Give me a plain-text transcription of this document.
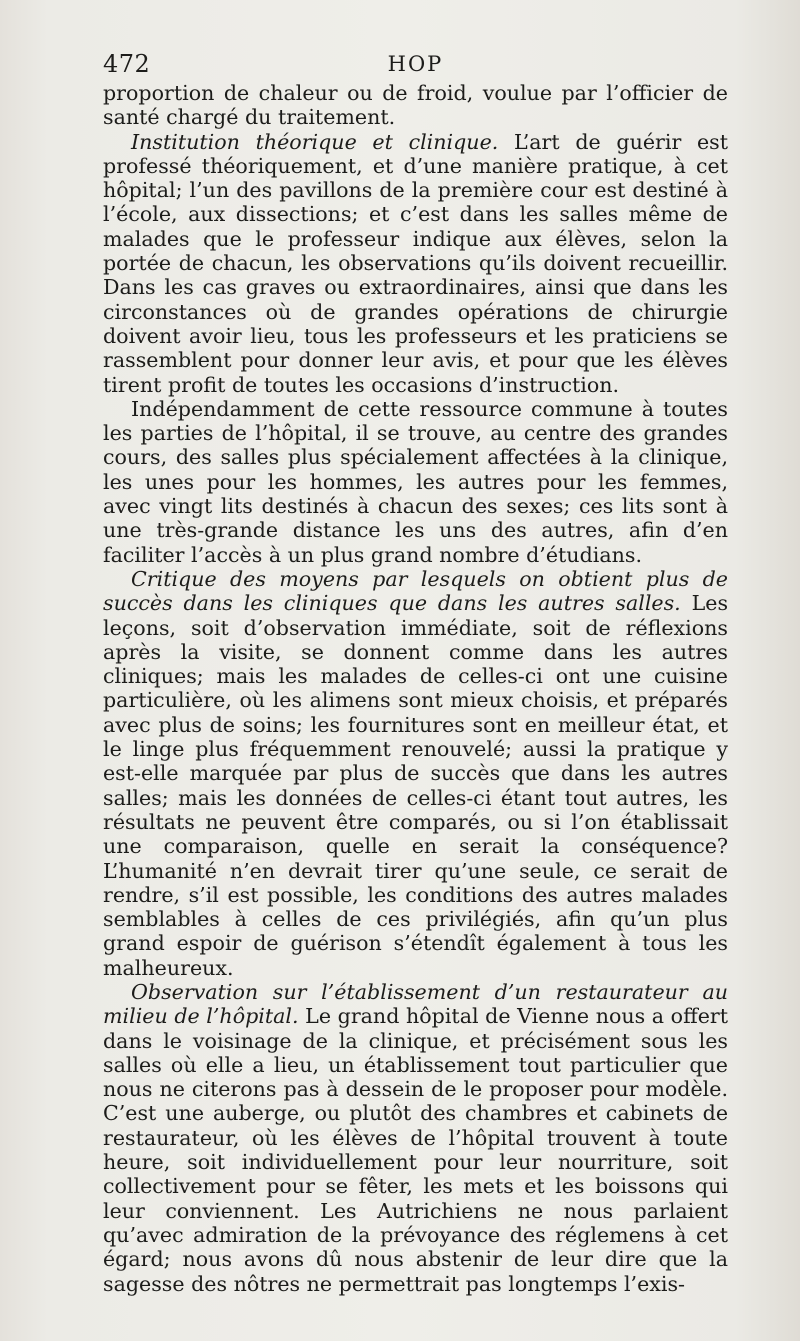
472	HOP

proportion de chaleur ou de froid, voulue par l’officier de santé chargé du traitement.

Institution théorique et clinique. L’art de guérir est professé théoriquement, et d’une manière pratique, à cet hôpital; l’un des pavillons de la première cour est destiné à l’école, aux dissections; et c’est dans les salles même de malades que le professeur indique aux élèves, selon la portée de chacun, les observations qu’ils doivent recueillir. Dans les cas graves ou extraordinaires, ainsi que dans les circonstances où de grandes opérations de chirurgie doivent avoir lieu, tous les professeurs et les praticiens se rassemblent pour donner leur avis, et pour que les élèves tirent profit de toutes les occasions d’instruction.

Indépendamment de cette ressource commune à toutes les parties de l’hôpital, il se trouve, au centre des grandes cours, des salles plus spécialement affectées à la clinique, les unes pour les hommes, les autres pour les femmes, avec vingt lits destinés à chacun des sexes; ces lits sont à une très-grande distance les uns des autres, afin d’en faciliter l’accès à un plus grand nombre d’étudians.

Critique des moyens par lesquels on obtient plus de succès dans les cliniques que dans les autres salles. Les leçons, soit d’observation immédiate, soit de réflexions après la visite, se donnent comme dans les autres cliniques; mais les malades de celles-ci ont une cuisine particulière, où les alimens sont mieux choisis, et préparés avec plus de soins; les fournitures sont en meilleur état, et le linge plus fréquemment renouvelé; aussi la pratique y est-elle marquée par plus de succès que dans les autres salles; mais les données de celles-ci étant tout autres, les résultats ne peuvent être comparés, ou si l’on établissait une comparaison, quelle en serait la conséquence? L’humanité n’en devrait tirer qu’une seule, ce serait de rendre, s’il est possible, les conditions des autres malades semblables à celles de ces privilégiés, afin qu’un plus grand espoir de guérison s’étendît également à tous les malheureux.

Observation sur l’établissement d’un restaurateur au milieu de l’hôpital. Le grand hôpital de Vienne nous a offert dans le voisinage de la clinique, et précisément sous les salles où elle a lieu, un établissement tout particulier que nous ne citerons pas à dessein de le proposer pour modèle. C’est une auberge, ou plutôt des chambres et cabinets de restaurateur, où les élèves de l’hôpital trouvent à toute heure, soit individuellement pour leur nourriture, soit collectivement pour se fêter, les mets et les boissons qui leur conviennent. Les Autrichiens ne nous parlaient qu’avec admiration de la prévoyance des réglemens à cet égard; nous avons dû nous abstenir de leur dire que la sagesse des nôtres ne permettrait pas longtemps l’exis-
